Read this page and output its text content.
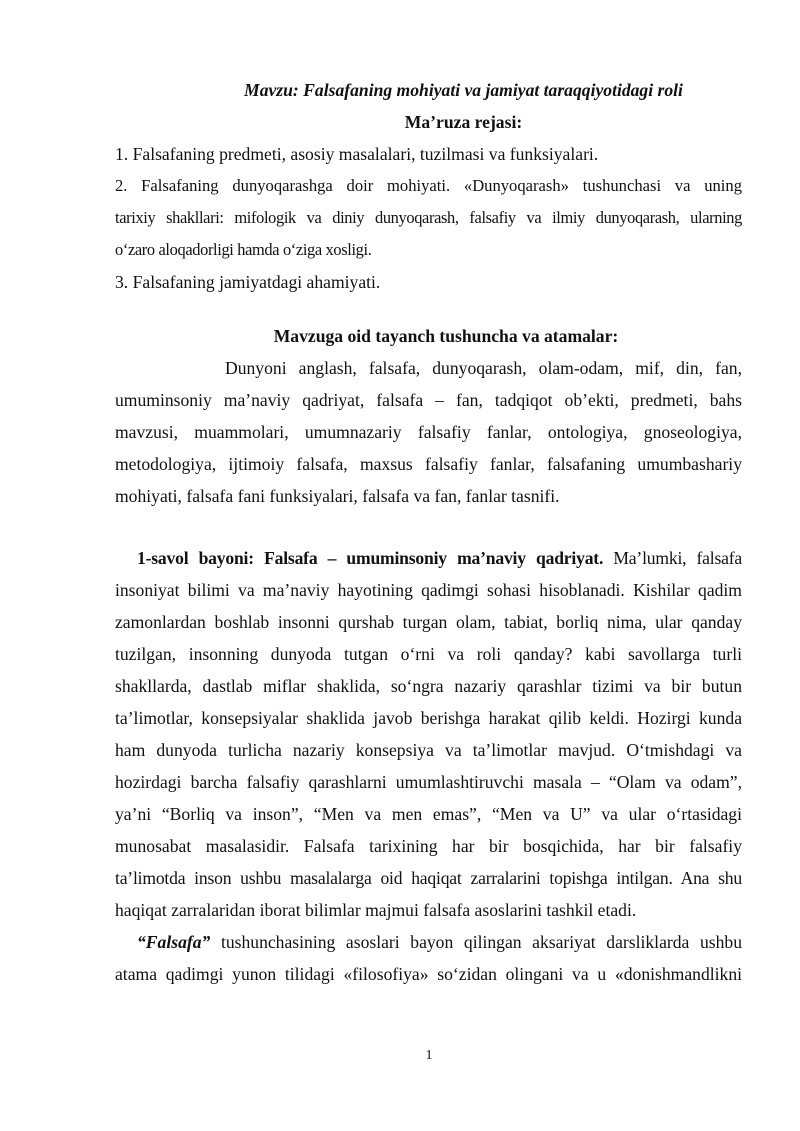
Mavzu: Falsafaning mohiyati va jamiyat taraqqiyotidagi roli
Ma’ruza rejasi:
1. Falsafaning predmeti, asosiy masalalari, tuzilmasi va funksiyalari.
2. Falsafaning dunyoqarashga doir mohiyati. «Dunyoqarash» tushunchasi va uning
tarixiy shakllari: mifologik va diniy dunyoqarash, falsafiy va ilmiy dunyoqarash, ularning
o‘zaro aloqadorligi hamda o‘ziga xosligi.
3. Falsafaning jamiyatdagi ahamiyati.
Mavzuga oid tayanch tushuncha va atamalar:
Dunyoni anglash, falsafa, dunyoqarash, olam-odam, mif, din, fan,
umuminsoniy ma’naviy qadriyat, falsafa – fan, tadqiqot ob’ekti, predmeti, bahs
mavzusi, muammolari, umumnazariy falsafiy fanlar, ontologiya, gnoseologiya,
metodologiya, ijtimoiy falsafa, maxsus falsafiy fanlar, falsafaning umumbashariy
mohiyati, falsafa fani funksiyalari, falsafa va fan, fanlar tasnifi.
1-savol bayoni: Falsafa – umuminsoniy ma’naviy qadriyat. Ma’lumki, falsafa
insoniyat bilimi va ma’naviy hayotining qadimgi sohasi hisoblanadi. Kishilar qadim
zamonlardan boshlab insonni qurshab turgan olam, tabiat, borliq nima, ular qanday
tuzilgan, insonning dunyoda tutgan o‘rni va roli qanday? kabi savollarga turli
shakllarda, dastlab miflar shaklida, so‘ngra nazariy qarashlar tizimi va bir butun
ta’limotlar, konsepsiyalar shaklida javob berishga harakat qilib keldi. Hozirgi kunda
ham dunyoda turlicha nazariy konsepsiya va ta’limotlar mavjud. O‘tmishdagi va
hozirdagi barcha falsafiy qarashlarni umumlashtiruvchi masala – “Olam va odam”,
ya’ni “Borliq va inson”, “Men va men emas”, “Men va U” va ular o‘rtasidagi
munosabat masalasidir. Falsafa tarixining har bir bosqichida, har bir falsafiy
ta’limotda inson ushbu masalalarga oid haqiqat zarralarini topishga intilgan. Ana shu
haqiqat zarralaridan iborat bilimlar majmui falsafa asoslarini tashkil etadi.
“Falsafa” tushunchasining asoslari bayon qilingan aksariyat darsliklarda ushbu
atama qadimgi yunon tilidagi «filosofiya» so‘zidan olingani va u «donishmandlikni
1
